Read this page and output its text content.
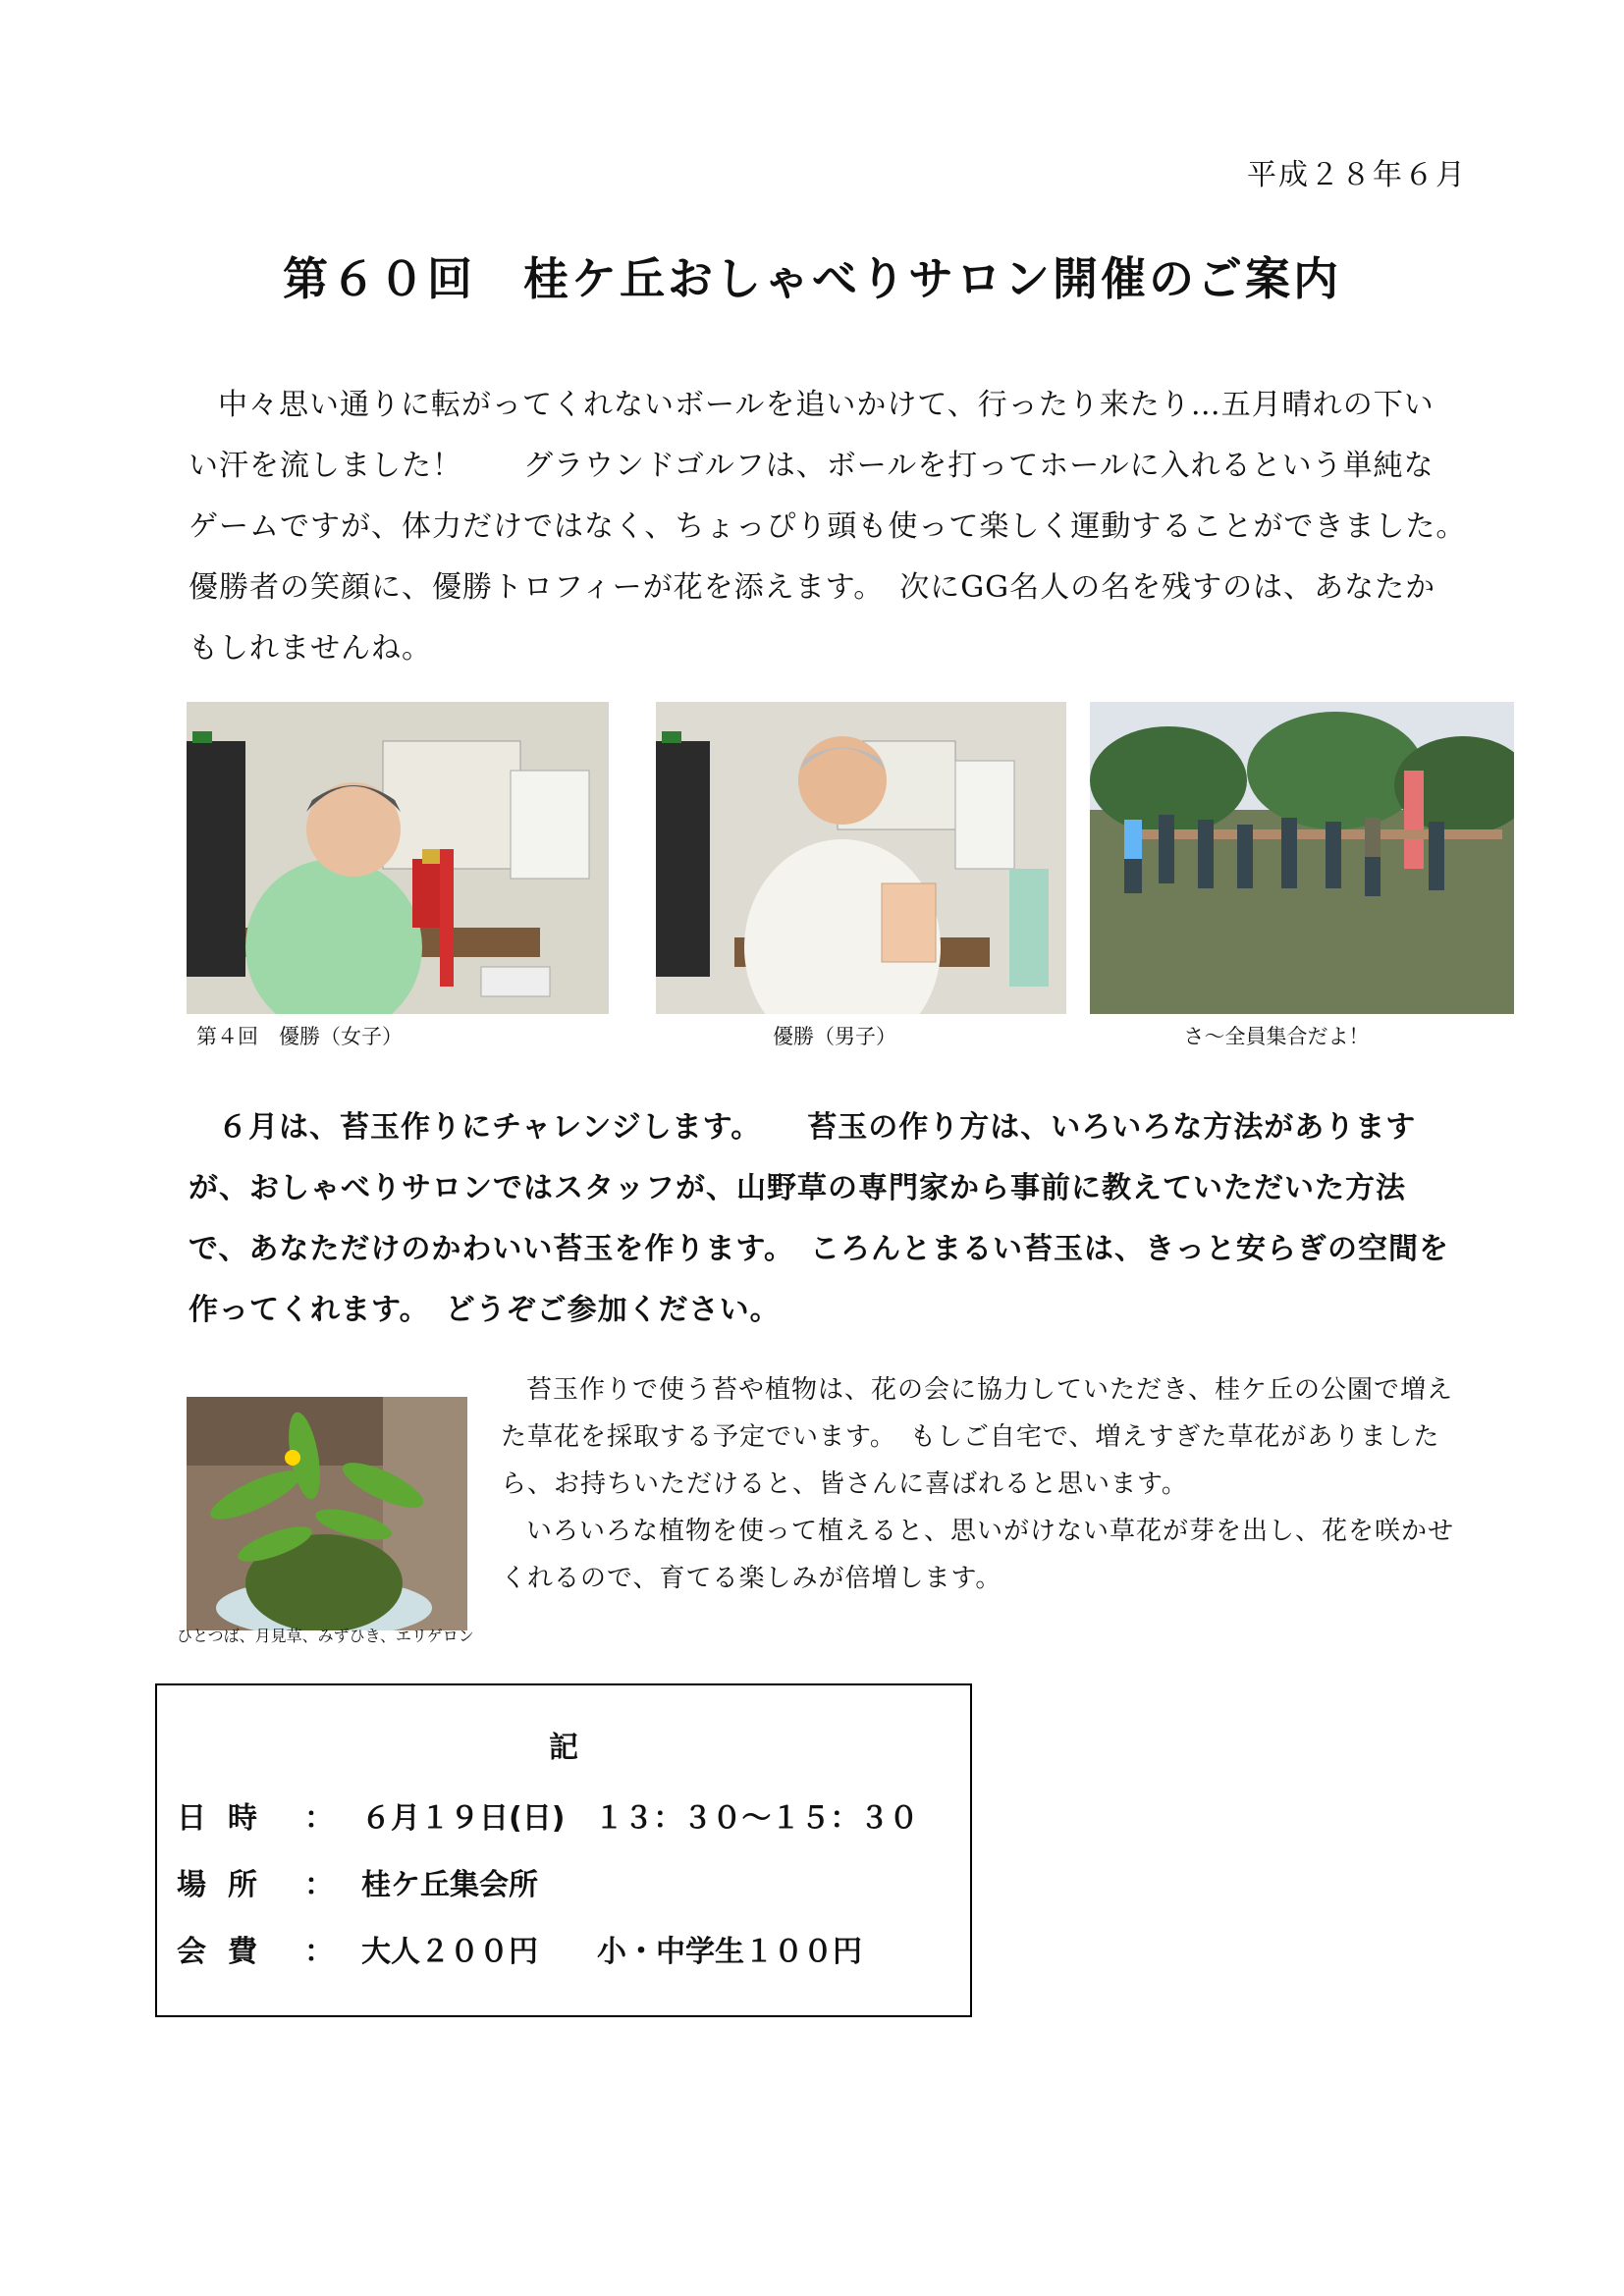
平成２８年６月
第６０回　桂ケ丘おしゃべりサロン開催のご案内
中々思い通りに転がってくれないボールを追いかけて、行ったり来たり…五月晴れの下いい汗を流しました！　　グラウンドゴルフは、ボールを打ってホールに入れるという単純なゲームですが、体力だけではなく、ちょっぴり頭も使って楽しく運動することができました。　優勝者の笑顔に、優勝トロフィーが花を添えます。　次にGG名人の名を残すのは、あなたかもしれませんね。
第４回　優勝（女子）	優勝（男子）	さ～全員集合だよ！
６月は、苔玉作りにチャレンジします。　　苔玉の作り方は、いろいろな方法がありますが、おしゃべりサロンではスタッフが、山野草の専門家から事前に教えていただいた方法で、あなただけのかわいい苔玉を作ります。　ころんとまるい苔玉は、きっと安らぎの空間を作ってくれます。　どうぞご参加ください。

苔玉作りで使う苔や植物は、花の会に協力していただき、桂ケ丘の公園で増えた草花を採取する予定でいます。　もしご自宅で、増えすぎた草花がありましたら、お持ちいただけると、皆さんに喜ばれると思います。

いろいろな植物を使って植えると、思いがけない草花が芽を出し、花を咲かせくれるので、育てる楽しみが倍増します。

ひとつば、月見草、みずひき、エリゲロン
記
日時 ： ６月１９日(日)　１３：３０～１５：３０
場所 ： 桂ケ丘集会所
会費 ： 大人２００円　　小・中学生１００円
